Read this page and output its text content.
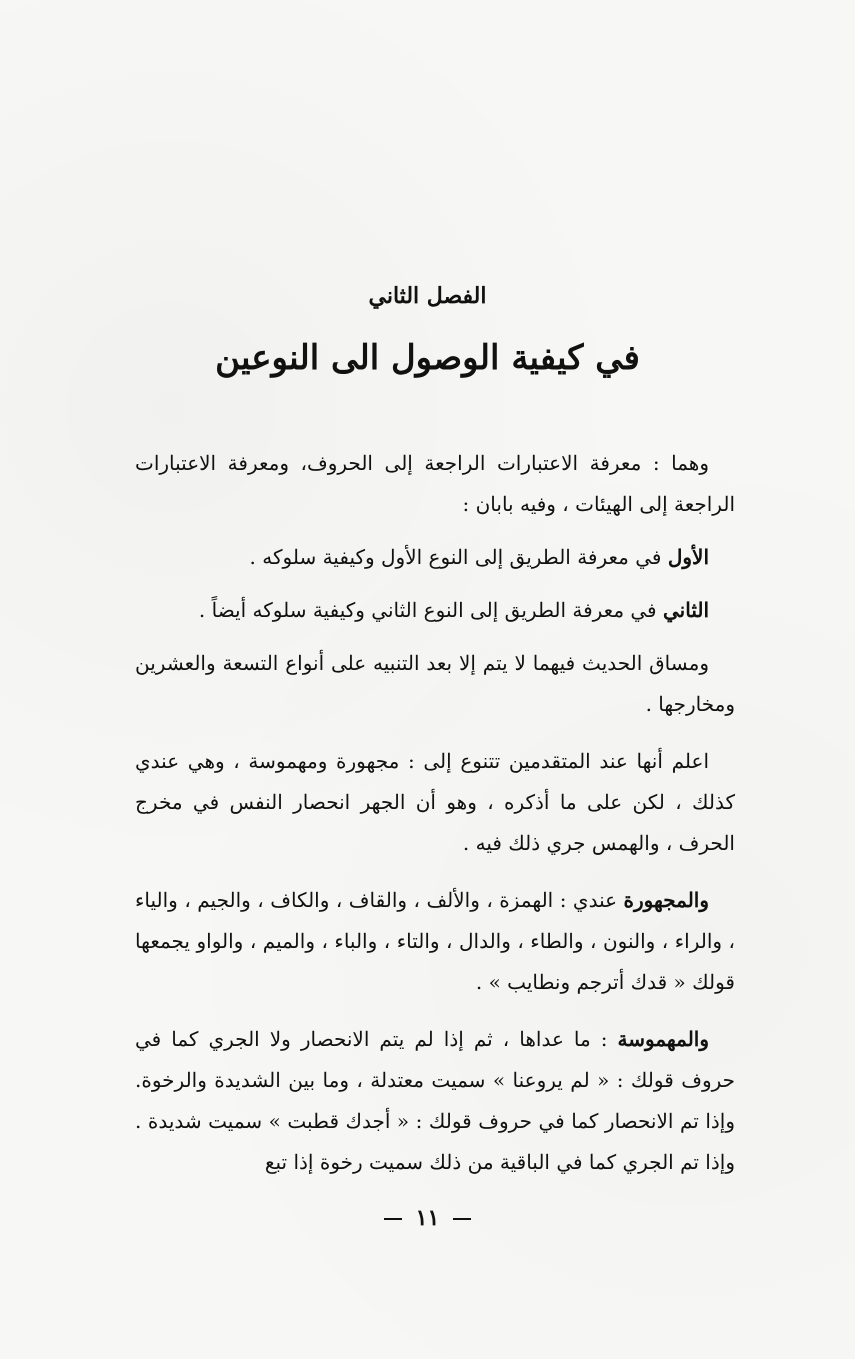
الفصل الثاني
في كيفية الوصول الى النوعين

وهما : معرفة الاعتبارات الراجعة إلى الحروف، ومعرفة الاعتبارات الراجعة إلى الهيئات ، وفيه بابان :

الأول في معرفة الطريق إلى النوع الأول وكيفية سلوكه .

الثاني في معرفة الطريق إلى النوع الثاني وكيفية سلوكه أيضاً .

ومساق الحديث فيهما لا يتم إلا بعد التنبيه على أنواع التسعة والعشرين ومخارجها .

اعلم أنها عند المتقدمين تتنوع إلى : مجهورة ومهموسة ، وهي عندي كذلك ، لكن على ما أذكره ، وهو أن الجهر انحصار النفس في مخرج الحرف ، والهمس جري ذلك فيه .

والمجهورة عندي : الهمزة ، والألف ، والقاف ، والكاف ، والجيم ، والياء ، والراء ، والنون ، والطاء ، والدال ، والتاء ، والباء ، والميم ، والواو يجمعها قولك « قدك أترجم ونطايب » .

والمهموسة : ما عداها ، ثم إذا لم يتم الانحصار ولا الجري كما في حروف قولك : « لم يروعنا » سميت معتدلة ، وما بين الشديدة والرخوة. وإذا تم الانحصار كما في حروف قولك : « أجدك قطبت » سميت شديدة . وإذا تم الجري كما في الباقية من ذلك سميت رخوة إذا تبع

١١
